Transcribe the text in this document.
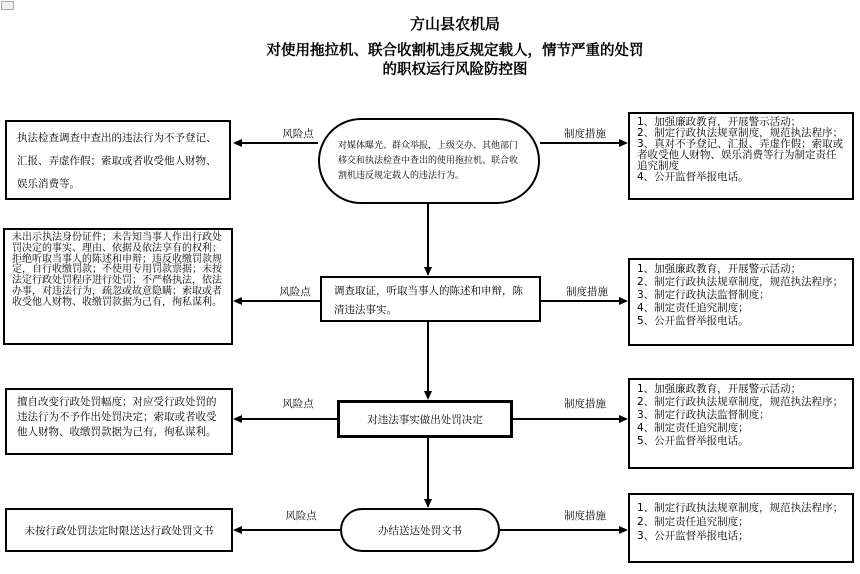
方山县农机局
对使用拖拉机、联合收割机违反规定载人，情节严重的处罚
的职权运行风险防控图
执法检查调查中查出的违法行为不予登记、汇报、弄虚作假；索取或者收受他人财物、娱乐消费等。
风险点
对媒体曝光、群众举报，上级交办、其他部门移交和执法检查中查出的使用拖拉机、联合收割机违反规定载人的违法行为。
制度措施
1、加强廉政教育，开展警示活动；
2、制定行政执法规章制度，规范执法程序；
3、真对不予登记、汇报、弄虚作假；索取或者收受他人财物、娱乐消费等行为制定责任追究制度
4、公开监督举报电话。
未出示执法身份证件；未告知当事人作出行政处罚决定的事实、理由、依据及依法享有的权利；拒绝听取当事人的陈述和申辩；违反收缴罚款规定，自行收缴罚款；不使用专用罚款票据；未按法定行政处罚程序进行处罚；不严格执法，依法办事，对违法行为，疏忽或故意隐瞒；索取或者收受他人财物、收缴罚款据为己有，徇私谋利。
风险点	调查取证，听取当事人的陈述和申辩，陈清违法事实。
制度措施
1、加强廉政教育，开展警示活动；
2、制定行政执法规章制度，规范执法程序；
3、制定行政执法监督制度；
4、制定责任追究制度；
5、公开监督举报电话。
擅自改变行政处罚幅度；对应受行政处罚的违法行为不予作出处罚决定；索取或者收受他人财物、收缴罚款据为己有，徇私谋利。
风险点
对违法事实做出处罚决定
制度措施
1、加强廉政教育，开展警示活动；
2、制定行政执法规章制度，规范执法程序；
3、制定行政执法监督制度；
4、制定责任追究制度；
5、公开监督举报电话。
未按行政处罚法定时限送达行政处罚文书
风险点
办结送达处罚文书
制度措施
1、制定行政执法规章制度，规范执法程序；
2、制定责任追究制度；
3、公开监督举报电话；
